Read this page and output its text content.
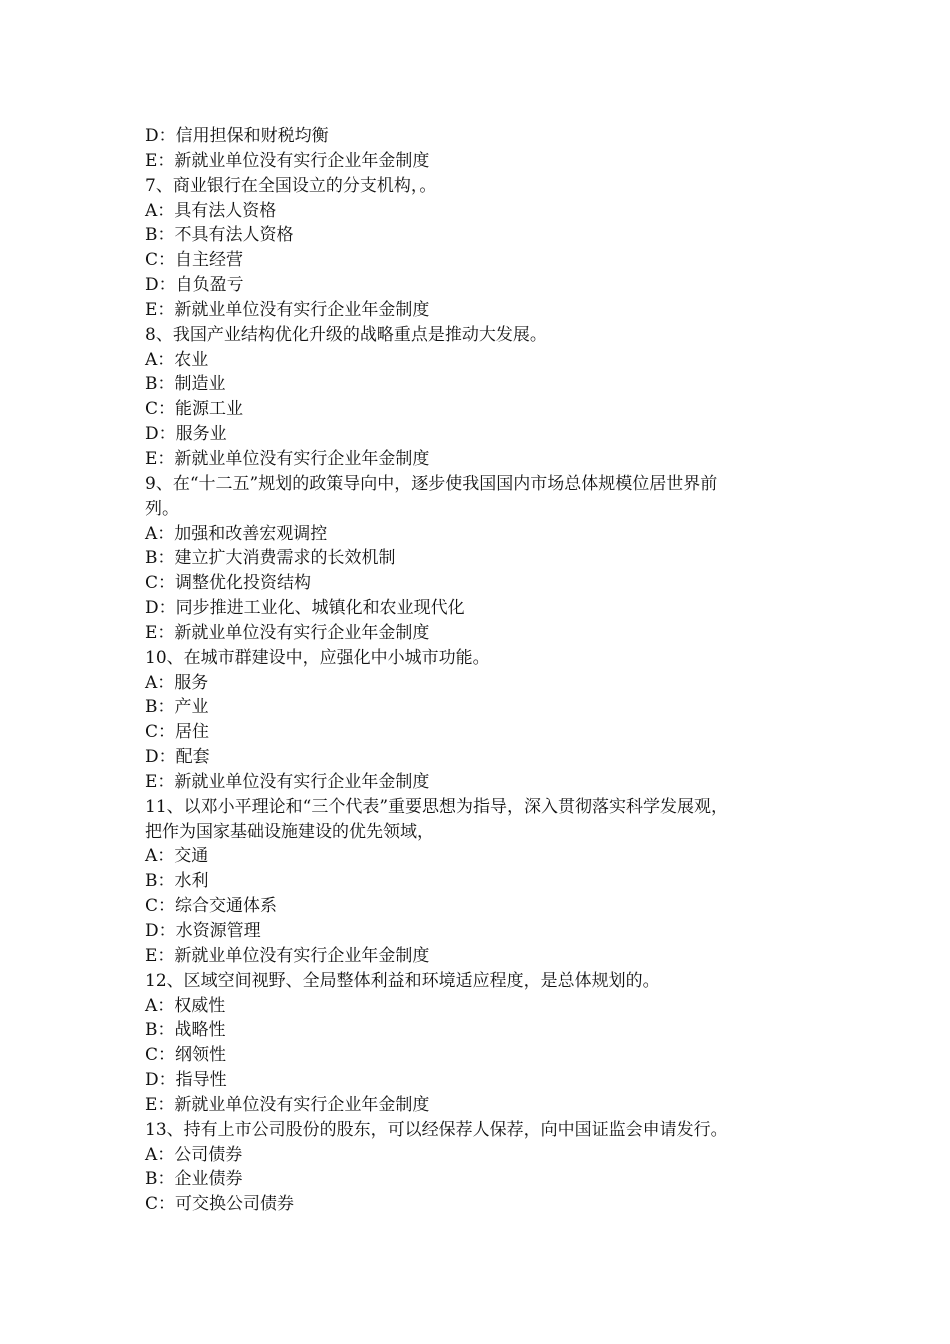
D：信用担保和财税均衡

E：新就业单位没有实行企业年金制度

7、商业银行在全国设立的分支机构，。

A：具有法人资格

B：不具有法人资格

C：自主经营

D：自负盈亏

E：新就业单位没有实行企业年金制度

8、我国产业结构优化升级的战略重点是推动大发展。

A：农业

B：制造业

C：能源工业

D：服务业

E：新就业单位没有实行企业年金制度

9、在“十二五”规划的政策导向中，逐步使我国国内市场总体规模位居世界前

列。

A：加强和改善宏观调控

B：建立扩大消费需求的长效机制

C：调整优化投资结构

D：同步推进工业化、城镇化和农业现代化

E：新就业单位没有实行企业年金制度

10、在城市群建设中，应强化中小城市功能。

A：服务

B：产业

C：居住

D：配套

E：新就业单位没有实行企业年金制度

11、以邓小平理论和“三个代表”重要思想为指导，深入贯彻落实科学发展观，

把作为国家基础设施建设的优先领域，

A：交通

B：水利

C：综合交通体系

D：水资源管理

E：新就业单位没有实行企业年金制度

12、区域空间视野、全局整体利益和环境适应程度，是总体规划的。

A：权威性

B：战略性

C：纲领性

D：指导性

E：新就业单位没有实行企业年金制度

13、持有上市公司股份的股东，可以经保荐人保荐，向中国证监会申请发行。

A：公司债券

B：企业债券

C：可交换公司债券
